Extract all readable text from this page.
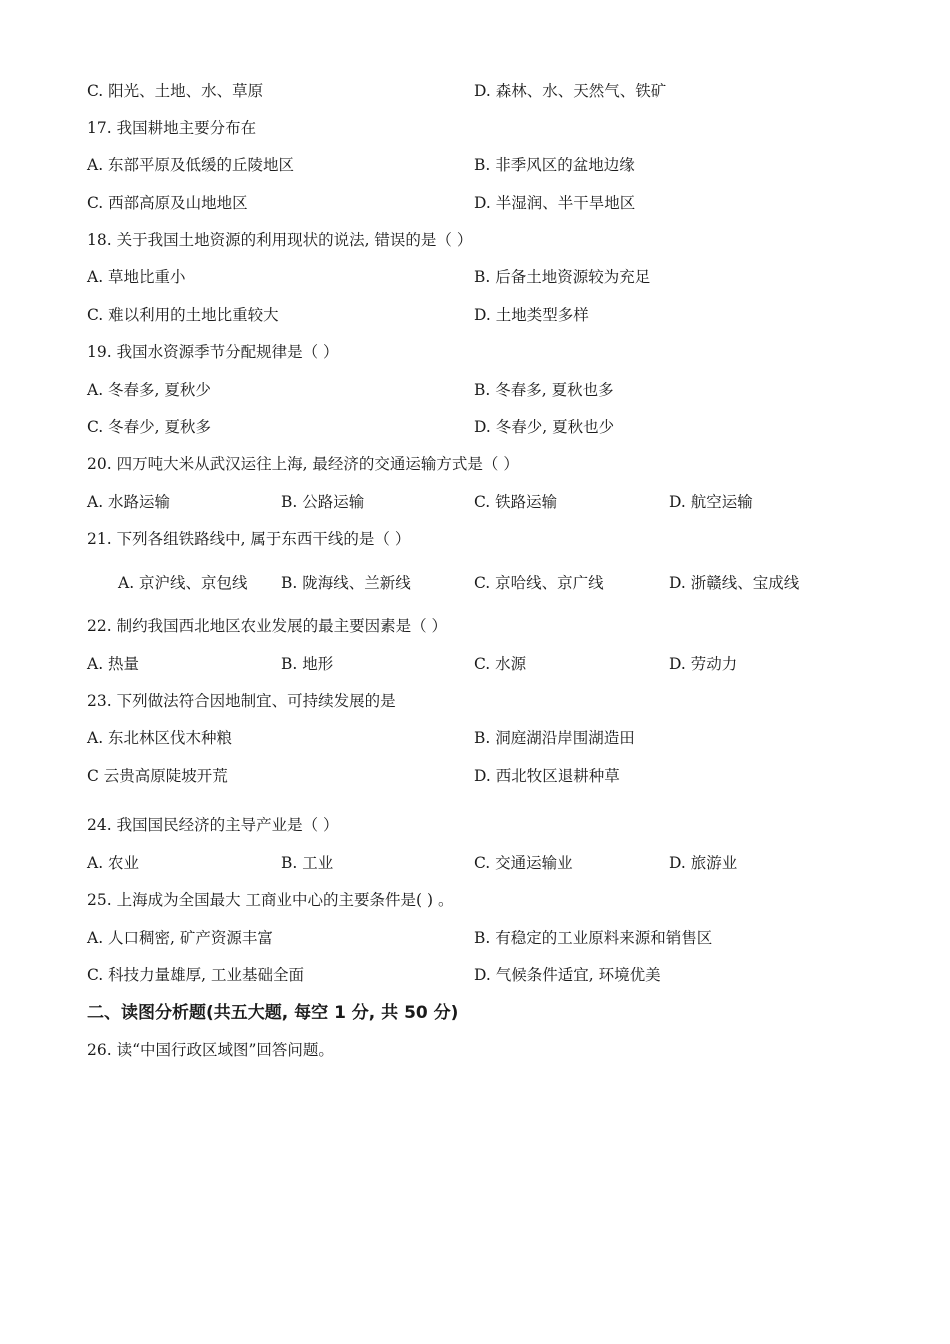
C. 阳光、土地、水、草原	D. 森林、水、天然气、铁矿
17. 我国耕地主要分布在
A. 东部平原及低缓的丘陵地区	B. 非季风区的盆地边缘
C. 西部高原及山地地区	D. 半湿润、半干旱地区
18. 关于我国土地资源的利用现状的说法, 错误的是（ ）
A. 草地比重小	B. 后备土地资源较为充足
C. 难以利用的土地比重较大	D. 土地类型多样
19. 我国水资源季节分配规律是（ ）
A. 冬春多, 夏秋少	B. 冬春多, 夏秋也多
C. 冬春少, 夏秋多	D. 冬春少, 夏秋也少
20. 四万吨大米从武汉运往上海, 最经济的交通运输方式是（ ）
A. 水路运输	B. 公路运输	C. 铁路运输	D. 航空运输
21. 下列各组铁路线中, 属于东西干线的是（ ）
A. 京沪线、京包线 B. 陇海线、兰新线	C. 京哈线、京广线	D. 浙赣线、宝成线
22. 制约我国西北地区农业发展的最主要因素是（ ）
A. 热量	B. 地形	C. 水源	D. 劳动力
23. 下列做法符合因地制宜、可持续发展的是
A. 东北林区伐木种粮	B. 洞庭湖沿岸围湖造田
C 云贵高原陡坡开荒	D. 西北牧区退耕种草
24. 我国国民经济的主导产业是（ ）
A. 农业	B. 工业	C. 交通运输业	D. 旅游业
25. 上海成为全国最大 工商业中心的主要条件是( ) 。
A. 人口稠密, 矿产资源丰富	B. 有稳定的工业原料来源和销售区
C. 科技力量雄厚, 工业基础全面	D. 气候条件适宜, 环境优美
二、读图分析题(共五大题, 每空 1 分, 共 50 分)
26. 读“中国行政区域图”回答问题。
